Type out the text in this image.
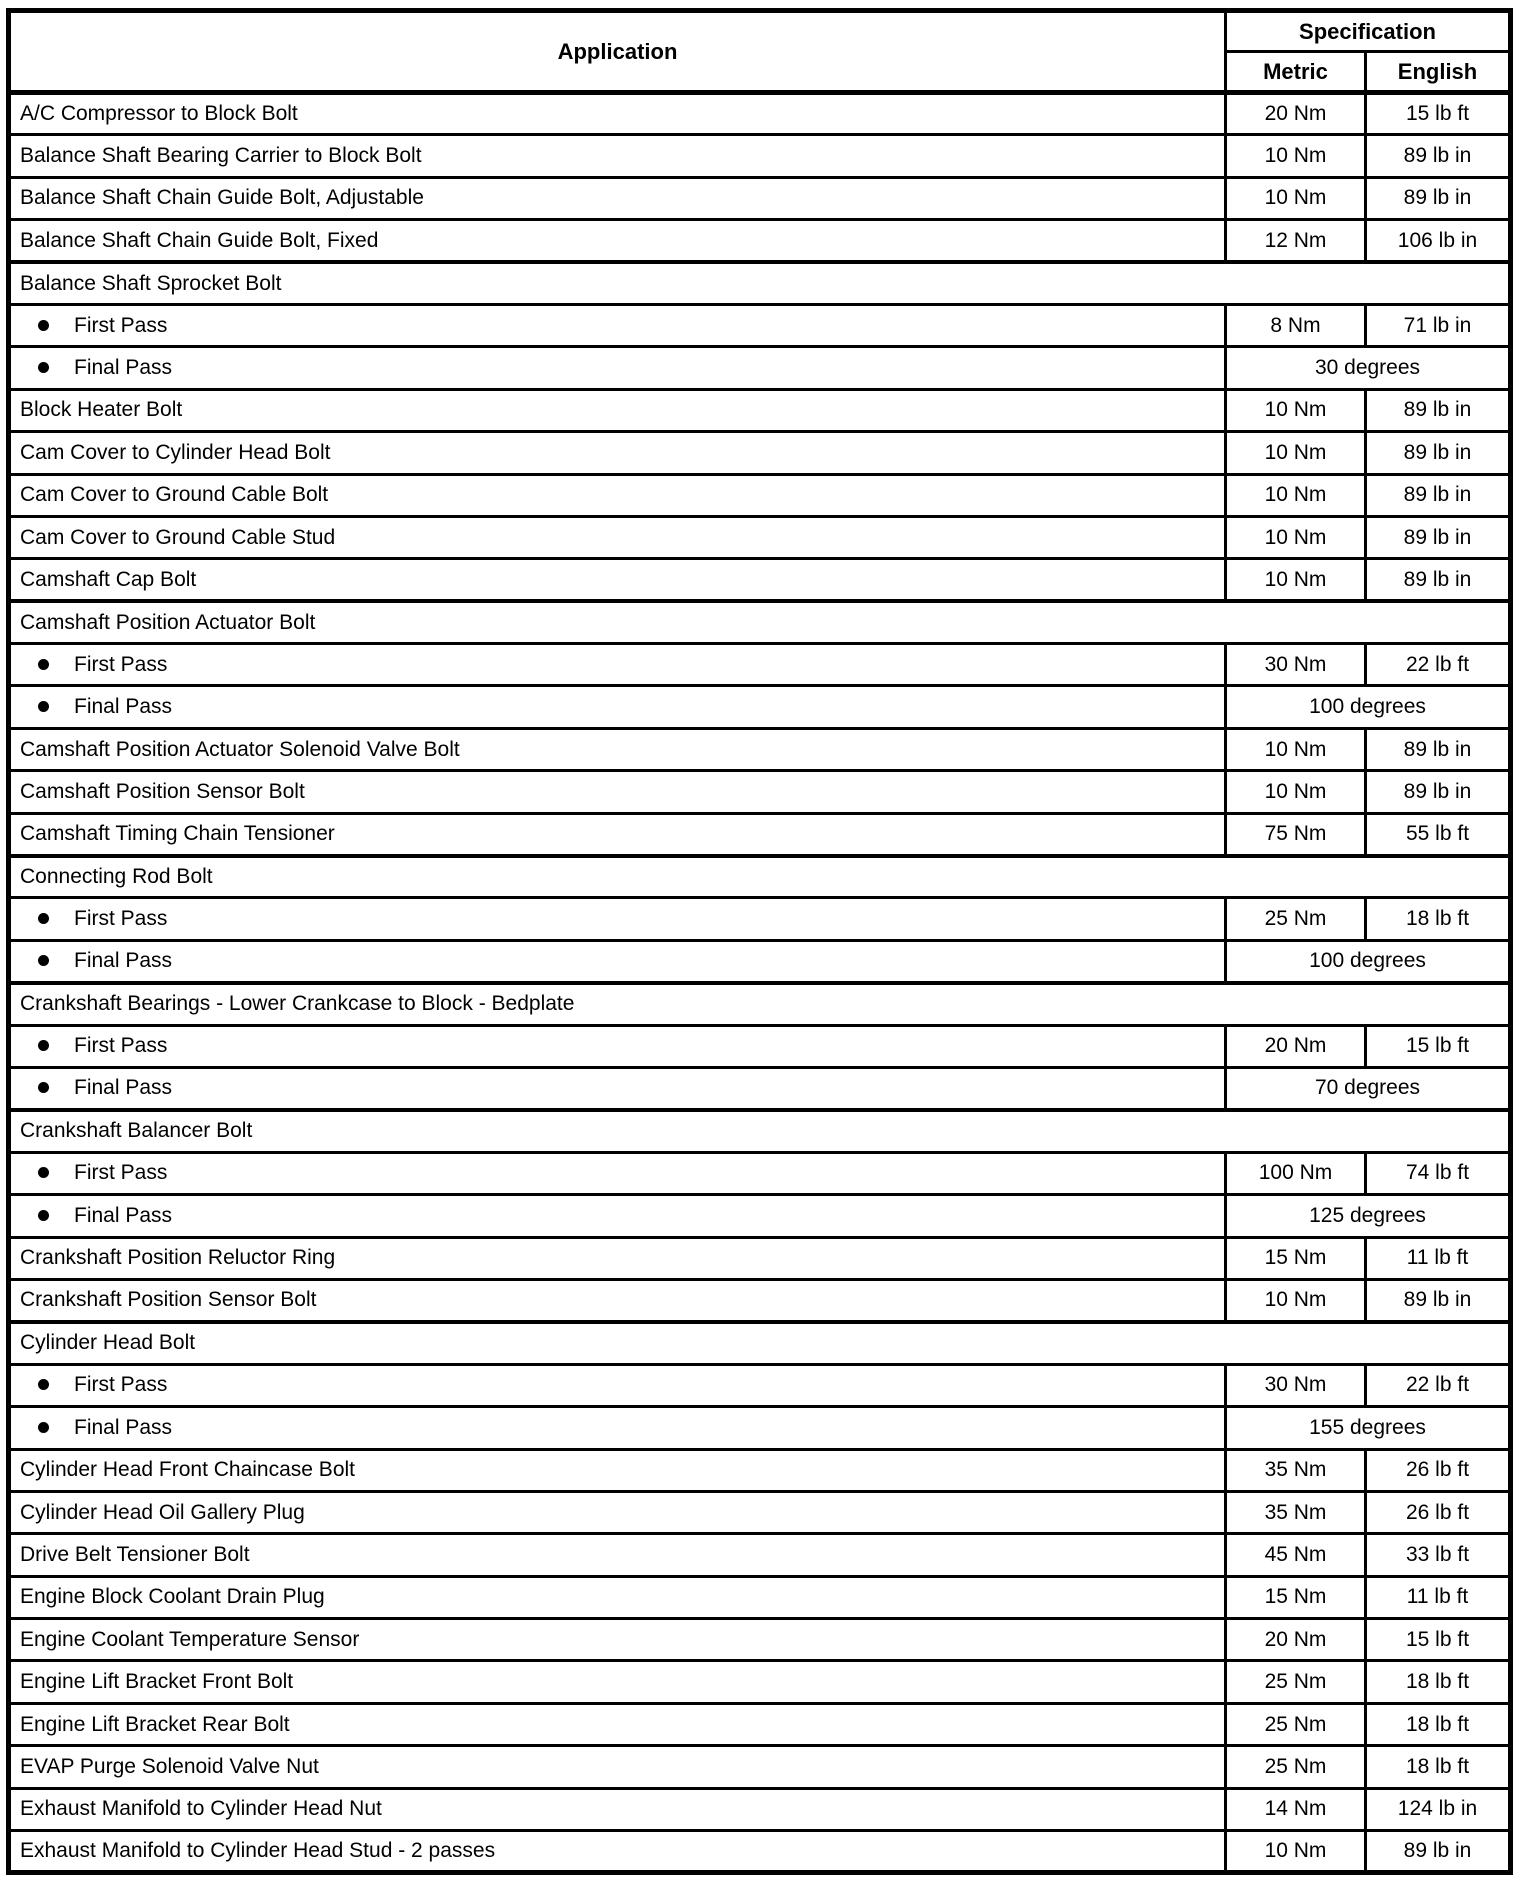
Application	Specification	
	Metric	English
A/C Compressor to Block Bolt	20 Nm	15 lb ft
Balance Shaft Bearing Carrier to Block Bolt	10 Nm	89 lb in
Balance Shaft Chain Guide Bolt, Adjustable	10 Nm	89 lb in
Balance Shaft Chain Guide Bolt, Fixed	12 Nm	106 lb in
Balance Shaft Sprocket Bolt		
First Pass	8 Nm	71 lb in
Final Pass	30 degrees	
Block Heater Bolt	10 Nm	89 lb in
Cam Cover to Cylinder Head Bolt	10 Nm	89 lb in
Cam Cover to Ground Cable Bolt	10 Nm	89 lb in
Cam Cover to Ground Cable Stud	10 Nm	89 lb in
Camshaft Cap Bolt	10 Nm	89 lb in
Camshaft Position Actuator Bolt		
First Pass	30 Nm	22 lb ft
Final Pass	100 degrees	
Camshaft Position Actuator Solenoid Valve Bolt	10 Nm	89 lb in
Camshaft Position Sensor Bolt	10 Nm	89 lb in
Camshaft Timing Chain Tensioner	75 Nm	55 lb ft
Connecting Rod Bolt		
First Pass	25 Nm	18 lb ft
Final Pass	100 degrees	
Crankshaft Bearings - Lower Crankcase to Block - Bedplate		
First Pass	20 Nm	15 lb ft
Final Pass	70 degrees	
Crankshaft Balancer Bolt		
First Pass	100 Nm	74 lb ft
Final Pass	125 degrees	
Crankshaft Position Reluctor Ring	15 Nm	11 lb ft
Crankshaft Position Sensor Bolt	10 Nm	89 lb in
Cylinder Head Bolt		
First Pass	30 Nm	22 lb ft
Final Pass	155 degrees	
Cylinder Head Front Chaincase Bolt	35 Nm	26 lb ft
Cylinder Head Oil Gallery Plug	35 Nm	26 lb ft
Drive Belt Tensioner Bolt	45 Nm	33 lb ft
Engine Block Coolant Drain Plug	15 Nm	11 lb ft
Engine Coolant Temperature Sensor	20 Nm	15 lb ft
Engine Lift Bracket Front Bolt	25 Nm	18 lb ft
Engine Lift Bracket Rear Bolt	25 Nm	18 lb ft
EVAP Purge Solenoid Valve Nut	25 Nm	18 lb ft
Exhaust Manifold to Cylinder Head Nut	14 Nm	124 lb in
Exhaust Manifold to Cylinder Head Stud - 2 passes	10 Nm	89 lb in
